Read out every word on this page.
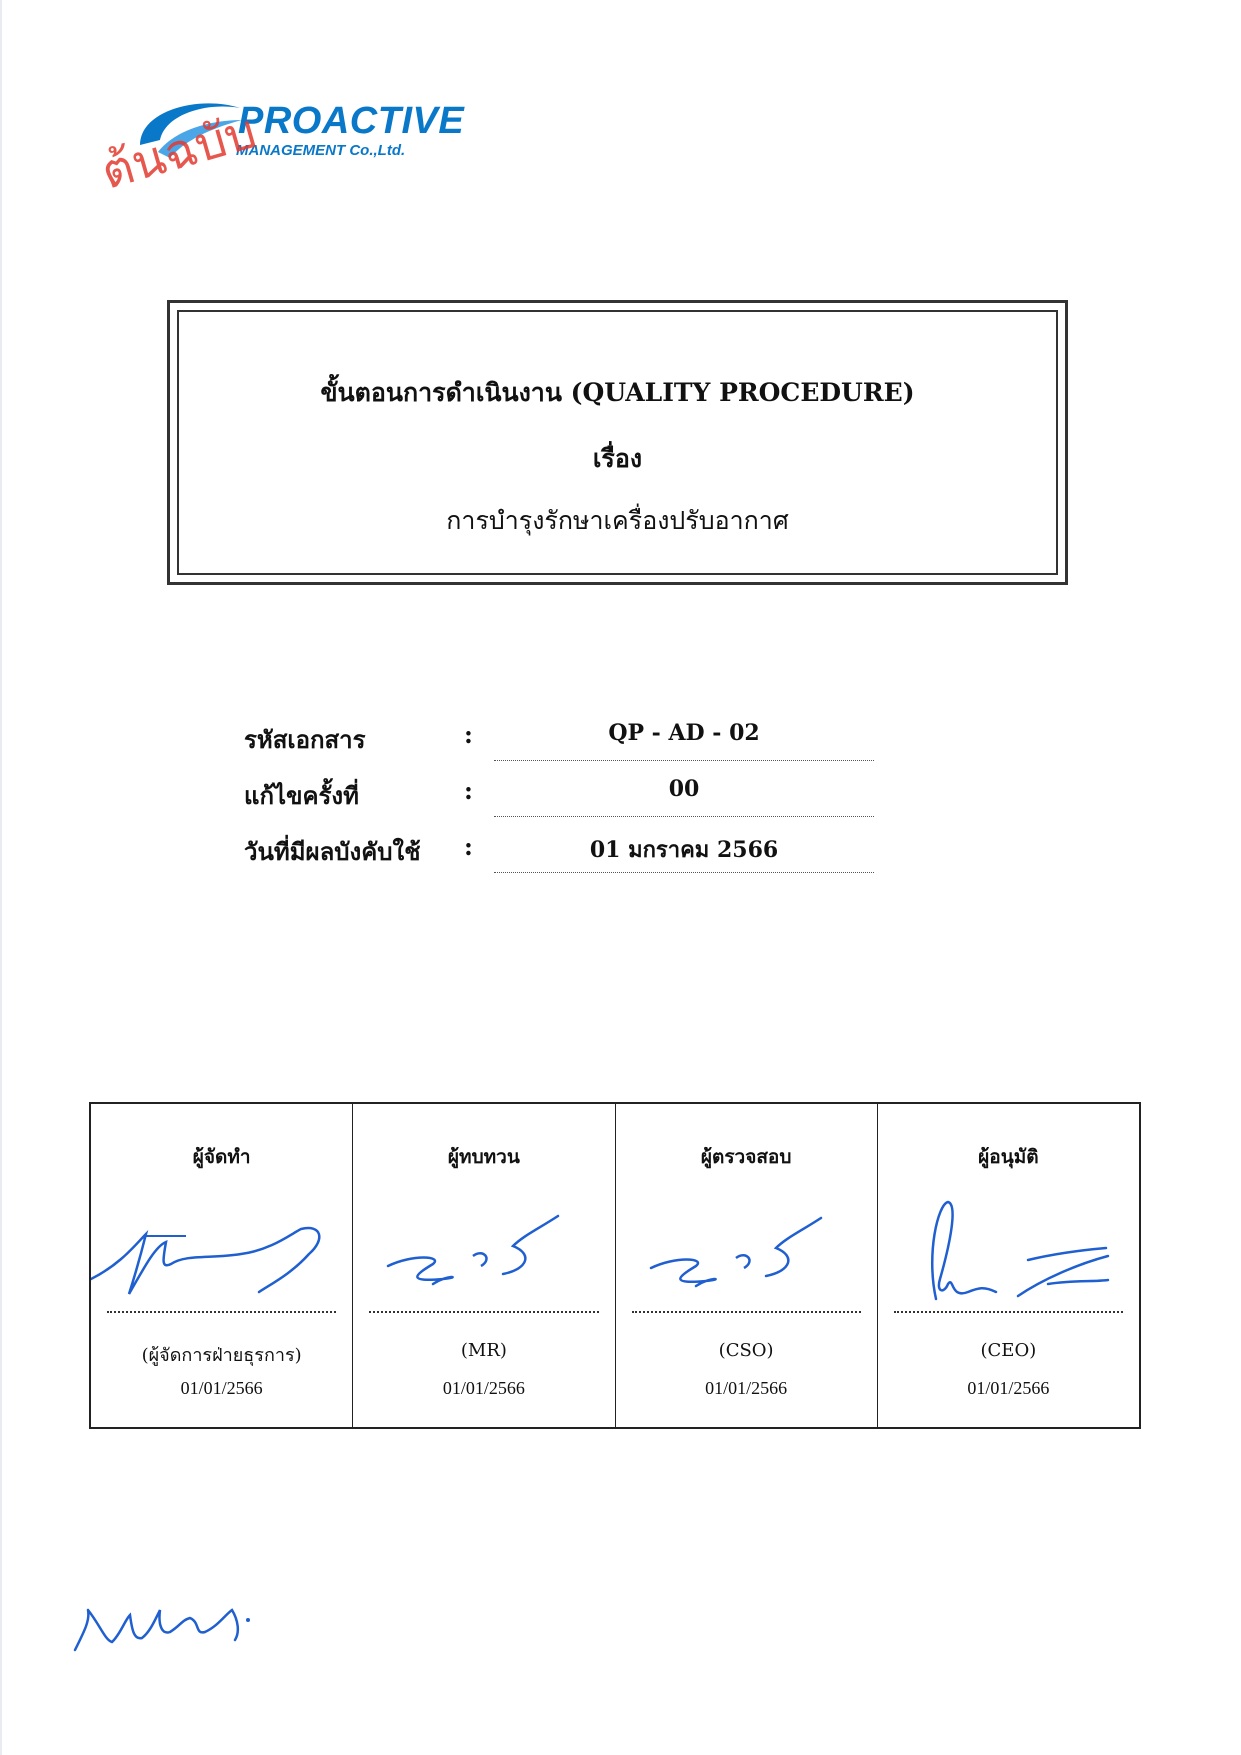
PROACTIVE
MANAGEMENT Co.,Ltd.
ต้นฉบับ
ขั้นตอนการดำเนินงาน (QUALITY PROCEDURE)
เรื่อง
การบำรุงรักษาเครื่องปรับอากาศ
รหัสเอกสาร	:	QP - AD - 02
แก้ไขครั้งที่	:	00
วันที่มีผลบังคับใช้ :	01 มกราคม 2566
ผู้จัดทำ
(ผู้จัดการฝ่ายธุรการ)
01/01/2566
ผู้ทบทวน
(MR)
01/01/2566
ผู้ตรวจสอบ
(CSO)
01/01/2566
ผู้อนุมัติ
(CEO)
01/01/2566
